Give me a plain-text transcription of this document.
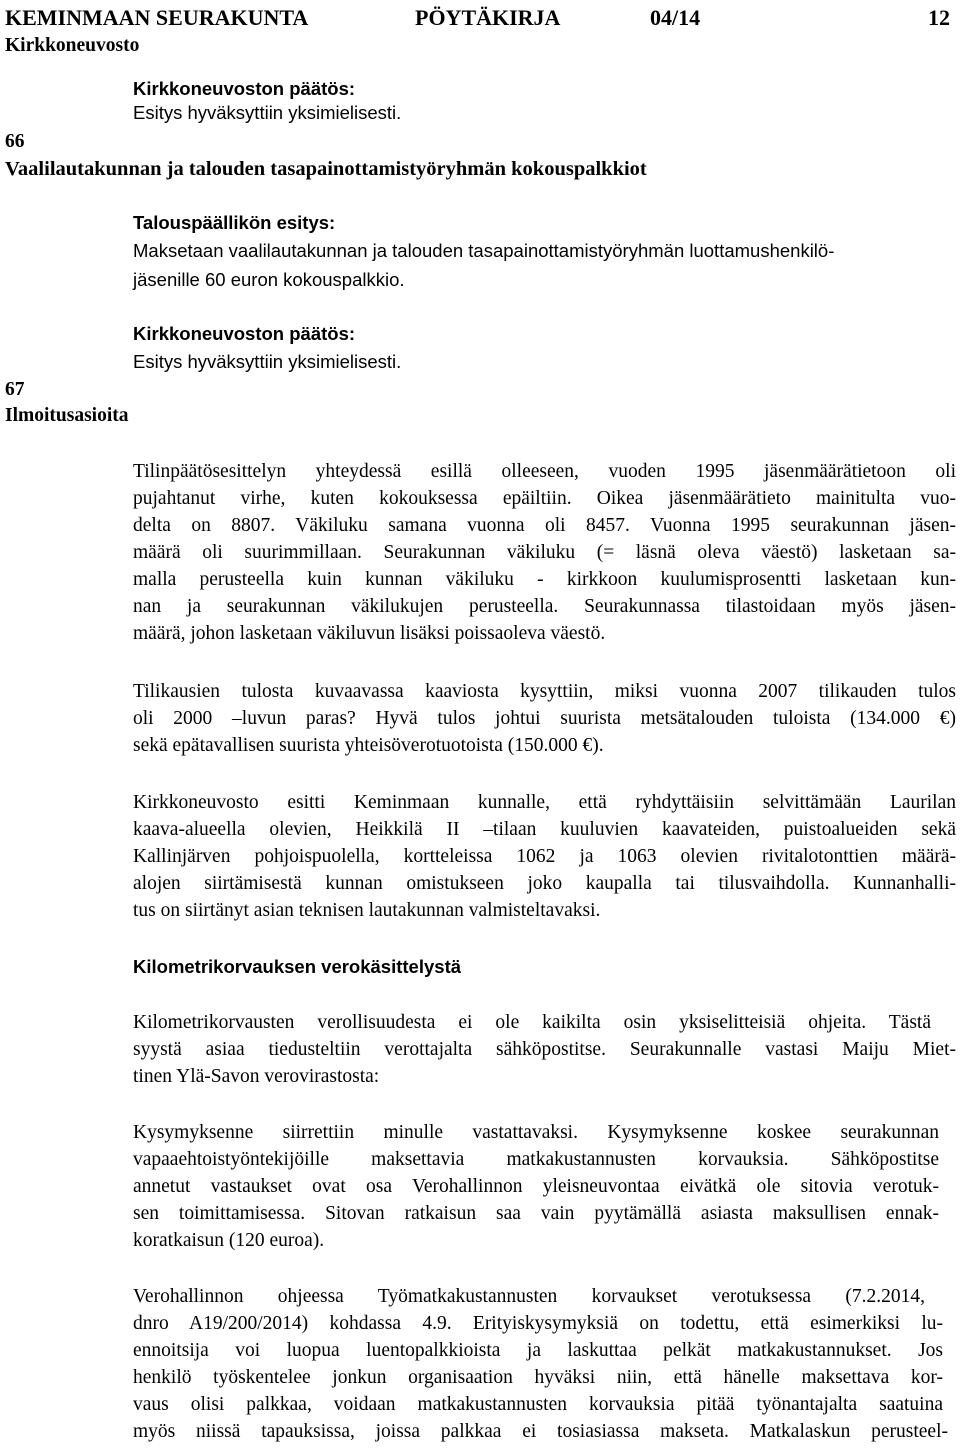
KEMINMAAN SEURAKUNTA	PÖYTÄKIRJA	04/14	12
Kirkkoneuvosto
Kirkkoneuvoston päätös:
Esitys hyväksyttiin yksimielisesti.
66
Vaalilautakunnan ja talouden tasapainottamistyöryhmän kokouspalkkiot
Talouspäällikön esitys:
Maksetaan vaalilautakunnan ja talouden tasapainottamistyöryhmän luottamushenkilö-
jäsenille 60 euron kokouspalkkio.
Kirkkoneuvoston päätös:
Esitys hyväksyttiin yksimielisesti.
67
Ilmoitusasioita
Tilinpäätösesittelyn yhteydessä esillä olleeseen, vuoden 1995 jäsenmäärätietoon oli
pujahtanut virhe, kuten kokouksessa epäiltiin. Oikea jäsenmäärätieto mainitulta vuo-
delta on 8807. Väkiluku samana vuonna oli 8457. Vuonna 1995 seurakunnan jäsen-
määrä oli suurimmillaan. Seurakunnan väkiluku (= läsnä oleva väestö) lasketaan sa-
malla perusteella kuin kunnan väkiluku - kirkkoon kuulumisprosentti lasketaan kun-
nan ja seurakunnan väkilukujen perusteella. Seurakunnassa tilastoidaan myös jäsen-
määrä, johon lasketaan väkiluvun lisäksi poissaoleva väestö.
Tilikausien tulosta kuvaavassa kaaviosta kysyttiin, miksi vuonna 2007 tilikauden tulos
oli 2000 –luvun paras? Hyvä tulos johtui suurista metsätalouden tuloista (134.000 €)
sekä epätavallisen suurista yhteisöverotuotoista (150.000 €).
Kirkkoneuvosto esitti Keminmaan kunnalle, että ryhdyttäisiin selvittämään Laurilan
kaava-alueella olevien, Heikkilä II –tilaan kuuluvien kaavateiden, puistoalueiden sekä
Kallinjärven pohjoispuolella, kortteleissa 1062 ja 1063 olevien rivitalotonttien määrä-
alojen siirtämisestä kunnan omistukseen joko kaupalla tai tilusvaihdolla. Kunnanhalli-
tus on siirtänyt asian teknisen lautakunnan valmisteltavaksi.
Kilometrikorvauksen verokäsittelystä
Kilometrikorvausten verollisuudesta ei ole kaikilta osin yksiselitteisiä ohjeita. Tästä
syystä asiaa tiedusteltiin verottajalta sähköpostitse. Seurakunnalle vastasi Maiju Miet-
tinen Ylä-Savon verovirastosta:
Kysymyksenne siirrettiin minulle vastattavaksi. Kysymyksenne koskee seurakunnan
vapaaehtoistyöntekijöille maksettavia matkakustannusten korvauksia. Sähköpostitse
annetut vastaukset ovat osa Verohallinnon yleisneuvontaa eivätkä ole sitovia verotuk-
sen toimittamisessa. Sitovan ratkaisun saa vain pyytämällä asiasta maksullisen ennak-
koratkaisun (120 euroa).
Verohallinnon ohjeessa Työmatkakustannusten korvaukset verotuksessa (7.2.2014,
dnro A19/200/2014) kohdassa 4.9. Erityiskysymyksiä on todettu, että esimerkiksi lu-
ennoitsija voi luopua luentopalkkioista ja laskuttaa pelkät matkakustannukset. Jos
henkilö työskentelee jonkun organisaation hyväksi niin, että hänelle maksettava kor-
vaus olisi palkkaa, voidaan matkakustannusten korvauksia pitää työnantajalta saatuina
myös niissä tapauksissa, joissa palkkaa ei tosiasiassa makseta. Matkalaskun perusteel-
